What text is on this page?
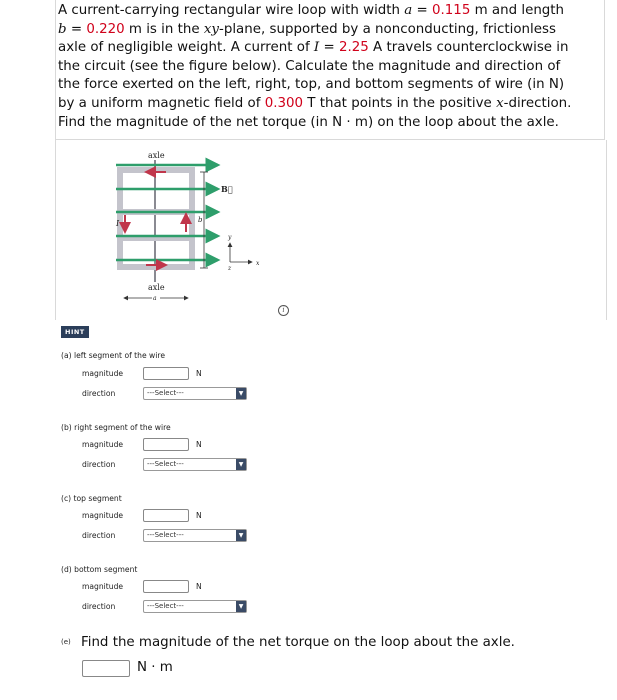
A current-carrying rectangular wire loop with width a = 0.115 m and length
b = 0.220 m is in the xy-plane, supported by a nonconducting, frictionless
axle of negligible weight. A current of I = 2.25 A travels counterclockwise in
the circuit (see the figure below). Calculate the magnitude and direction of
the force exerted on the left, right, top, and bottom segments of wire (in N)
by a uniform magnetic field of 0.300 T that points in the positive x-direction.
Find the magnitude of the net torque (in N · m) on the loop about the axle.
axle
I	b
B⃗
y
x
z
axle
a
i
HINT
(a) left segment of the wire
magnitude	N
direction	---Select---	▼
(b) right segment of the wire
magnitude	N
direction	---Select---	▼
(c) top segment
magnitude	N
direction	---Select---	▼
(d) bottom segment
magnitude	N
direction	---Select---	▼
(e) Find the magnitude of the net torque on the loop about the axle.
N · m
